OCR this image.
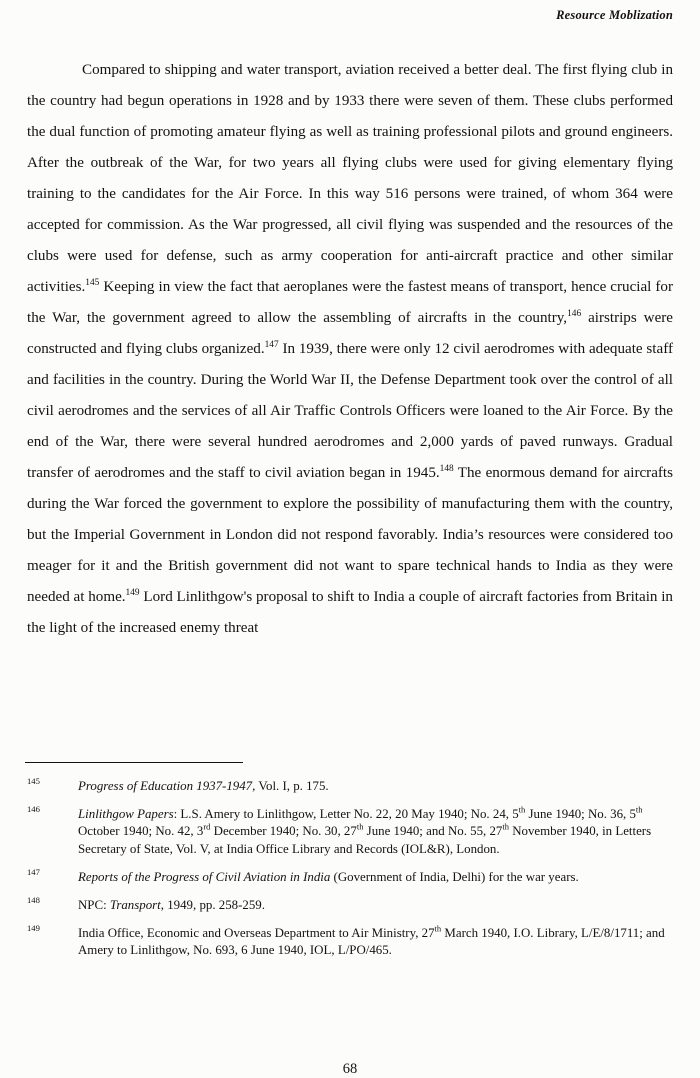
Resource Moblization

Compared to shipping and water transport, aviation received a better deal. The first flying club in the country had begun operations in 1928 and by 1933 there were seven of them. These clubs performed the dual function of promoting amateur flying as well as training professional pilots and ground engineers. After the outbreak of the War, for two years all flying clubs were used for giving elementary flying training to the candidates for the Air Force. In this way 516 persons were trained, of whom 364 were accepted for commission. As the War progressed, all civil flying was suspended and the resources of the clubs were used for defense, such as army cooperation for anti-aircraft practice and other similar activities.$^{145}$ Keeping in view the fact that aeroplanes were the fastest means of transport, hence crucial for the War, the government agreed to allow the assembling of aircrafts in the country,$^{146}$ airstrips were constructed and flying clubs organized.$^{147}$ In 1939, there were only 12 civil aerodromes with adequate staff and facilities in the country. During the World War II, the Defense Department took over the control of all civil aerodromes and the services of all Air Traffic Controls Officers were loaned to the Air Force. By the end of the War, there were several hundred aerodromes and 2,000 yards of paved runways. Gradual transfer of aerodromes and the staff to civil aviation began in 1945.$^{148}$ The enormous demand for aircrafts during the War forced the government to explore the possibility of manufacturing them with the country, but the Imperial Government in London did not respond favorably. India’s resources were considered too meager for it and the British government did not want to spare technical hands to India as they were needed at home.$^{149}$ Lord Linlithgow's proposal to shift to India a couple of aircraft factories from Britain in the light of the increased enemy threat

145	Progress of Education 1937-1947, Vol. I, p. 175.
146	Linlithgow Papers: L.S. Amery to Linlithgow, Letter No. 22, 20 May 1940; No. 24, 5th June 1940; No. 36, 5th October 1940; No. 42, 3rd December 1940; No. 30, 27th June 1940; and No. 55, 27th November 1940, in Letters Secretary of State, Vol. V, at India Office Library and Records (IOL&R), London.
147	Reports of the Progress of Civil Aviation in India (Government of India, Delhi) for the war years.
148	NPC: Transport, 1949, pp. 258-259.
149	India Office, Economic and Overseas Department to Air Ministry, 27th March 1940, I.O. Library, L/E/8/1711; and Amery to Linlithgow, No. 693, 6 June 1940, IOL, L/PO/465.
68
